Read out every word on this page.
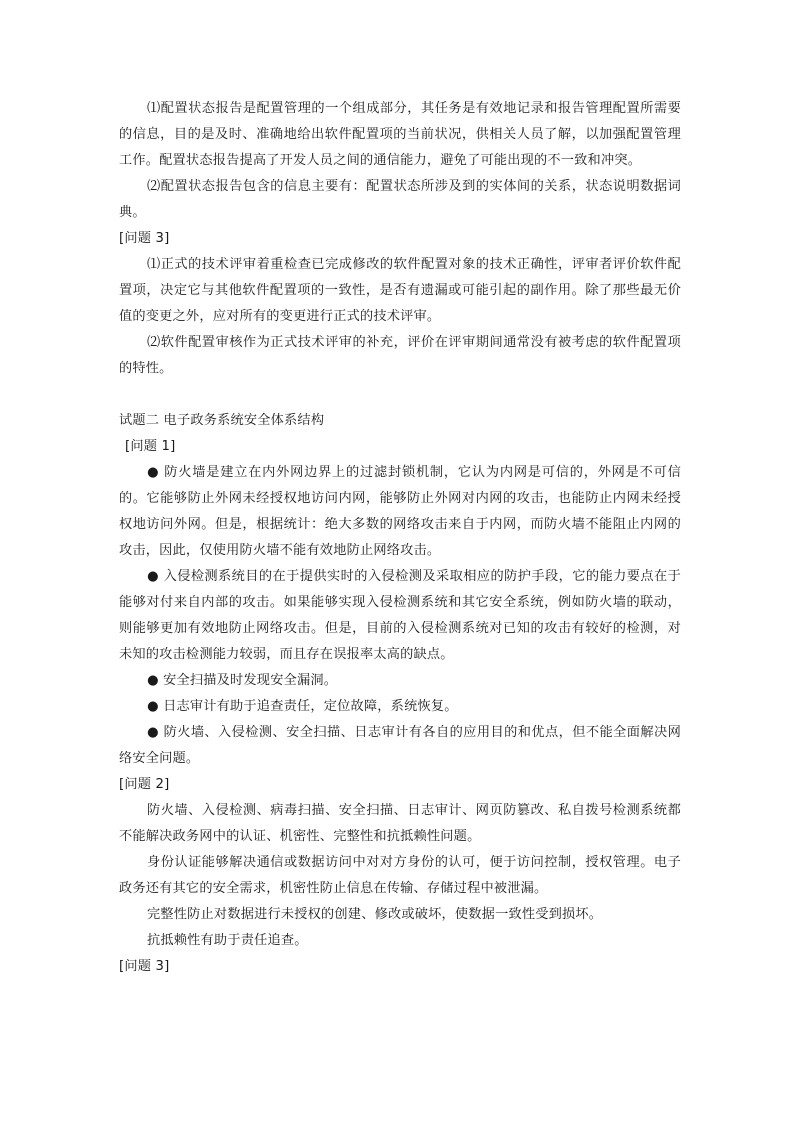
⑴配置状态报告是配置管理的一个组成部分，其任务是有效地记录和报告管理配置所需要的信息，目的是及时、准确地给出软件配置项的当前状况，供相关人员了解，以加强配置管理工作。配置状态报告提高了开发人员之间的通信能力，避免了可能出现的不一致和冲突。

⑵配置状态报告包含的信息主要有：配置状态所涉及到的实体间的关系，状态说明数据词典。

[问题 3]

⑴正式的技术评审着重检查已完成修改的软件配置对象的技术正确性，评审者评价软件配置项，决定它与其他软件配置项的一致性，是否有遗漏或可能引起的副作用。除了那些最无价值的变更之外，应对所有的变更进行正式的技术评审。

⑵软件配置审核作为正式技术评审的补充，评价在评审期间通常没有被考虑的软件配置项的特性。

试题二 电子政务系统安全体系结构

[问题 1]

● 防火墙是建立在内外网边界上的过滤封锁机制，它认为内网是可信的，外网是不可信的。它能够防止外网未经授权地访问内网，能够防止外网对内网的攻击，也能防止内网未经授权地访问外网。但是，根据统计：绝大多数的网络攻击来自于内网，而防火墙不能阻止内网的攻击，因此，仅使用防火墙不能有效地防止网络攻击。

● 入侵检测系统目的在于提供实时的入侵检测及采取相应的防护手段，它的能力要点在于能够对付来自内部的攻击。如果能够实现入侵检测系统和其它安全系统，例如防火墙的联动，则能够更加有效地防止网络攻击。但是，目前的入侵检测系统对已知的攻击有较好的检测，对未知的攻击检测能力较弱，而且存在误报率太高的缺点。

● 安全扫描及时发现安全漏洞。

● 日志审计有助于追查责任，定位故障，系统恢复。

● 防火墙、入侵检测、安全扫描、日志审计有各自的应用目的和优点，但不能全面解决网络安全问题。

[问题 2]

防火墙、入侵检测、病毒扫描、安全扫描、日志审计、网页防篡改、私自拨号检测系统都不能解决政务网中的认证、机密性、完整性和抗抵赖性问题。

身份认证能够解决通信或数据访问中对对方身份的认可，便于访问控制，授权管理。电子政务还有其它的安全需求，机密性防止信息在传输、存储过程中被泄漏。

完整性防止对数据进行未授权的创建、修改或破坏，使数据一致性受到损坏。

抗抵赖性有助于责任追查。

[问题 3]
